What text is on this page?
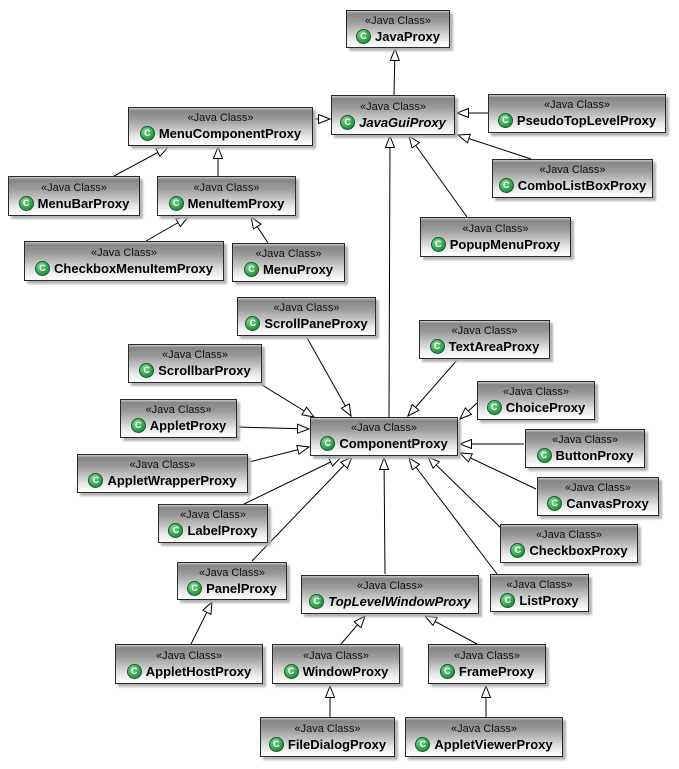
«Java Class»
C JavaProxy
«Java Class»
C JavaGuiProxy
«Java Class»
C PseudoTopLevelProxy
«Java Class»
C MenuComponentProxy
«Java Class»
C ComboListBoxProxy
«Java Class»
C MenuBarProxy
«Java Class»
C MenuItemProxy
«Java Class»
C PopupMenuProxy
«Java Class»
C CheckboxMenuItemProxy
«Java Class»
C MenuProxy
«Java Class»
C ScrollPaneProxy	«Java Class»
C TextAreaProxy
«Java Class»
C ScrollbarProxy
«Java Class»
C ChoiceProxy
«Java Class»
C AppletProxy	«Java Class»
C ComponentProxy	«Java Class»
C ButtonProxy
«Java Class»
C AppletWrapperProxy	«Java Class»
C CanvasProxy
«Java Class»
C LabelProxy	«Java Class»
C CheckboxProxy
«Java Class»
C PanelProxy	«Java Class»
C TopLevelWindowProxy
«Java Class»
C ListProxy
«Java Class»
C AppletHostProxy
«Java Class»
C WindowProxy
«Java Class»
C FrameProxy
«Java Class»
C FileDialogProxy
«Java Class»
C AppletViewerProxy
